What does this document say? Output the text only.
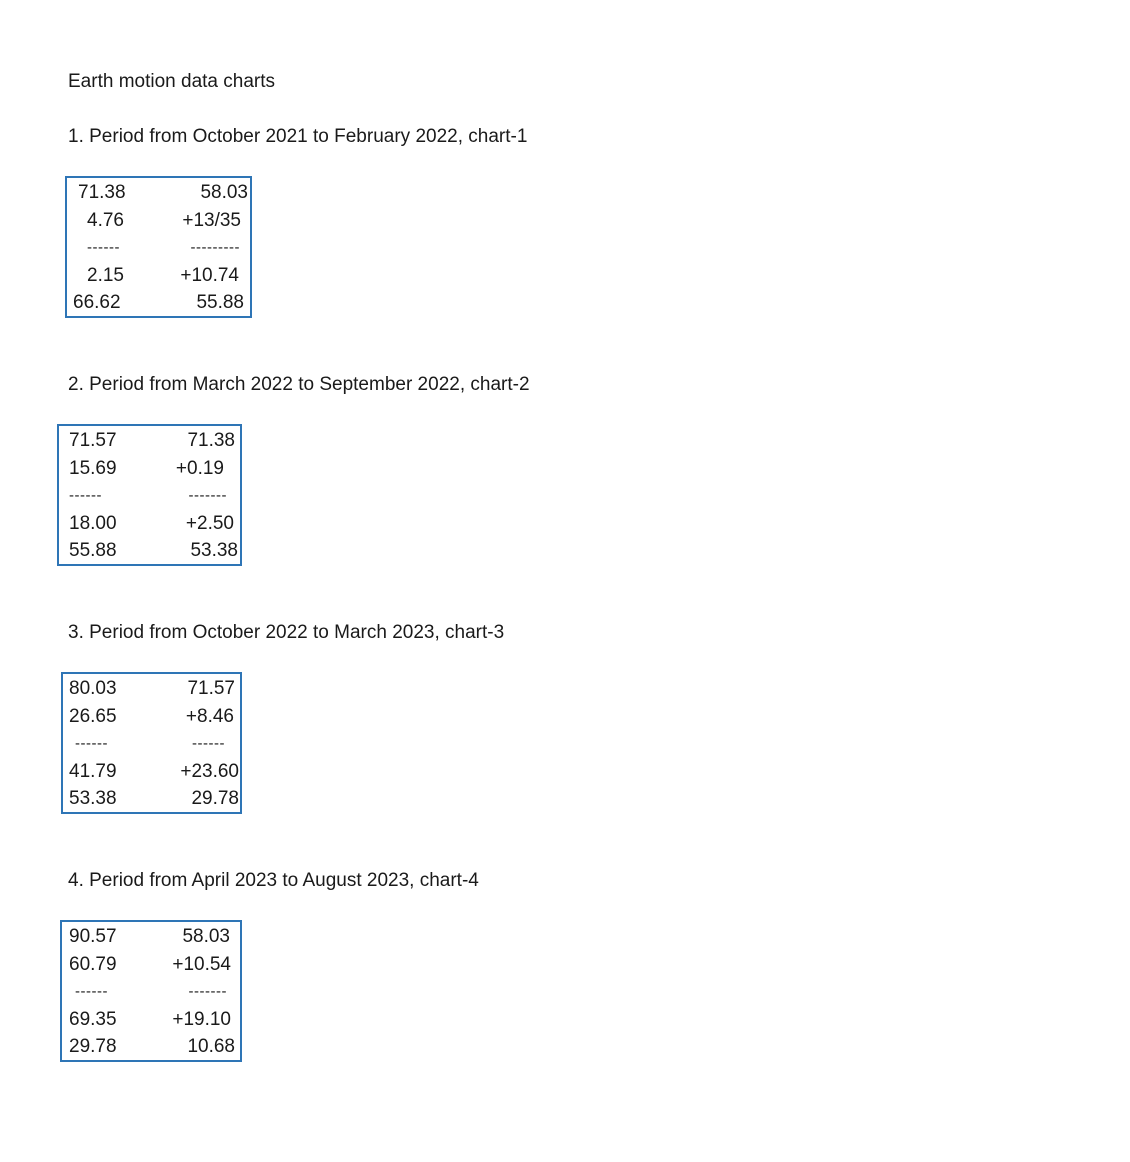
Earth motion data charts
1. Period from October 2021 to February 2022, chart-1
71.38	58.03
4.76	+13/35
------	---------
2.15	+10.74
66.62	55.88
2. Period from March 2022 to September 2022, chart-2
71.57	71.38
15.69	+0.19
------	-------
18.00	+2.50
55.88	53.38
3. Period from October 2022 to March 2023, chart-3
80.03	71.57
26.65	+8.46
------	------
41.79	+23.60
53.38	29.78
4. Period from April 2023 to August 2023, chart-4
90.57	58.03
60.79	+10.54
------	-------
69.35	+19.10
29.78	10.68
